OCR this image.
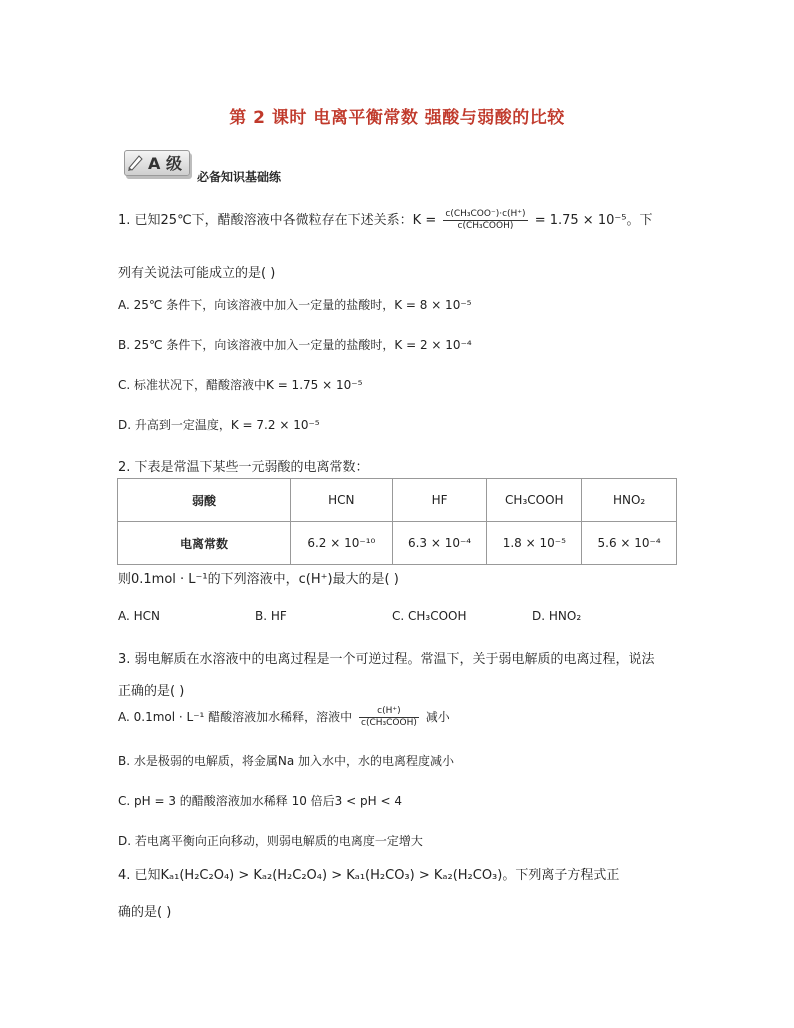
第 2 课时 电离平衡常数 强酸与弱酸的比较
A 级
必备知识基础练
1. 已知25℃下，醋酸溶液中各微粒存在下述关系：$K = \frac{\text{c(CH₃COO⁻)·c(H⁺)}}{\text{c(CH₃COOH)}} = 1.75 \times 10^{-5}$。下
列有关说法可能成立的是( )
A. 25℃ 条件下，向该溶液中加入一定量的盐酸时，K = 8 × 10⁻⁵
B. 25℃ 条件下，向该溶液中加入一定量的盐酸时，K = 2 × 10⁻⁴
C. 标准状况下，醋酸溶液中K = 1.75 × 10⁻⁵
D. 升高到一定温度，K = 7.2 × 10⁻⁵
2. 下表是常温下某些一元弱酸的电离常数：
弱酸	HCN	HF	CH₃COOH	HNO₂
电离常数	6.2 × 10⁻¹⁰	6.3 × 10⁻⁴	1.8 × 10⁻⁵	5.6 × 10⁻⁴
则0.1mol · L⁻¹的下列溶液中，c(H⁺)最大的是( )
A. HCN	B. HF	C. CH₃COOH	D. HNO₂
3. 弱电解质在水溶液中的电离过程是一个可逆过程。常温下，关于弱电解质的电离过程，说法
正确的是( )
A. 0.1mol · L⁻¹ 醋酸溶液加水稀释，溶液中 $\frac{c(H^+)}{\text{c(CH₃COOH)}}$ 减小
B. 水是极弱的电解质，将金属Na 加入水中，水的电离程度减小
C. pH = 3 的醋酸溶液加水稀释 10 倍后3 < pH < 4
D. 若电离平衡向正向移动，则弱电解质的电离度一定增大
4. 已知Kₐ₁(H₂C₂O₄) > Kₐ₂(H₂C₂O₄) > Kₐ₁(H₂CO₃) > Kₐ₂(H₂CO₃)。下列离子方程式正
确的是( )
